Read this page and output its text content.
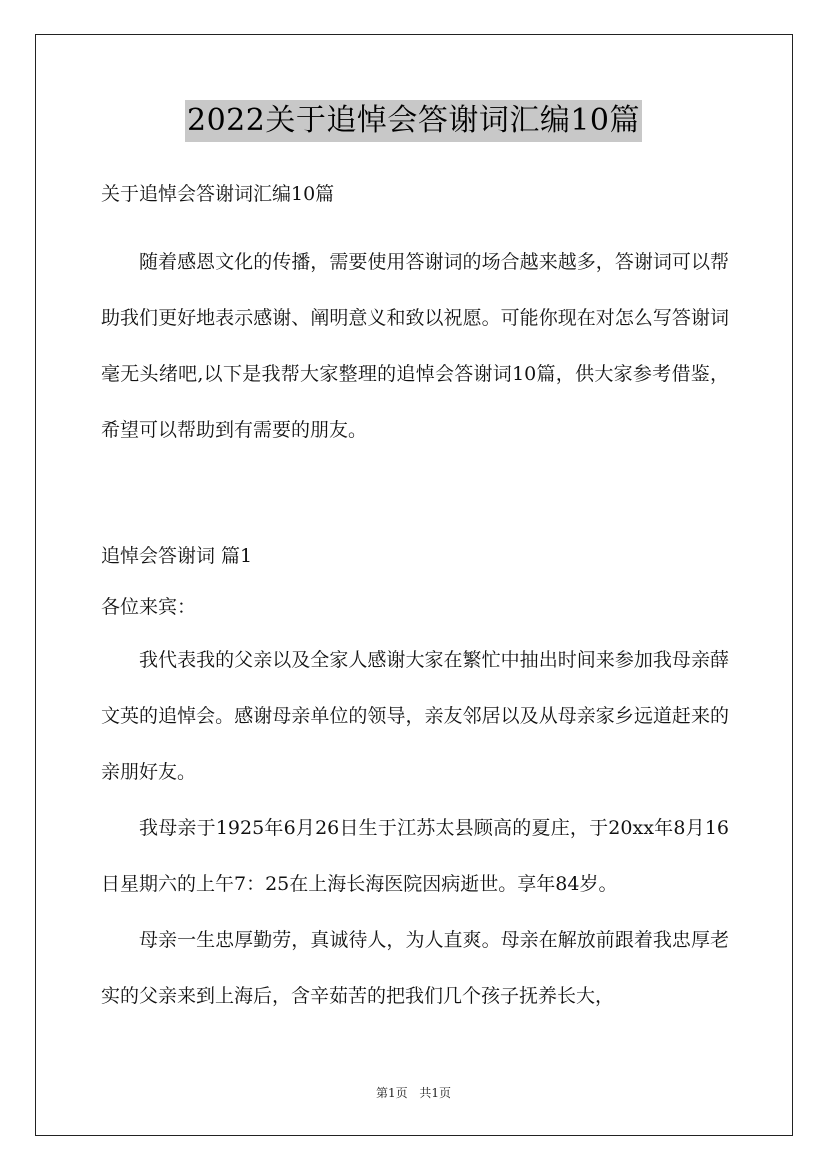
2022关于追悼会答谢词汇编10篇

关于追悼会答谢词汇编10篇

随着感恩文化的传播，需要使用答谢词的场合越来越多，答谢词可以帮助我们更好地表示感谢、阐明意义和致以祝愿。可能你现在对怎么写答谢词毫无头绪吧,以下是我帮大家整理的追悼会答谢词10篇，供大家参考借鉴，希望可以帮助到有需要的朋友。

追悼会答谢词 篇1

各位来宾：

我代表我的父亲以及全家人感谢大家在繁忙中抽出时间来参加我母亲薛文英的追悼会。感谢母亲单位的领导，亲友邻居以及从母亲家乡远道赶来的亲朋好友。

我母亲于1925年6月26日生于江苏太县顾高的夏庄，于20xx年8月16日星期六的上午7：25在上海长海医院因病逝世。享年84岁。

母亲一生忠厚勤劳，真诚待人，为人直爽。母亲在解放前跟着我忠厚老实的父亲来到上海后，含辛茹苦的把我们几个孩子抚养长大，

第1页 共1页
